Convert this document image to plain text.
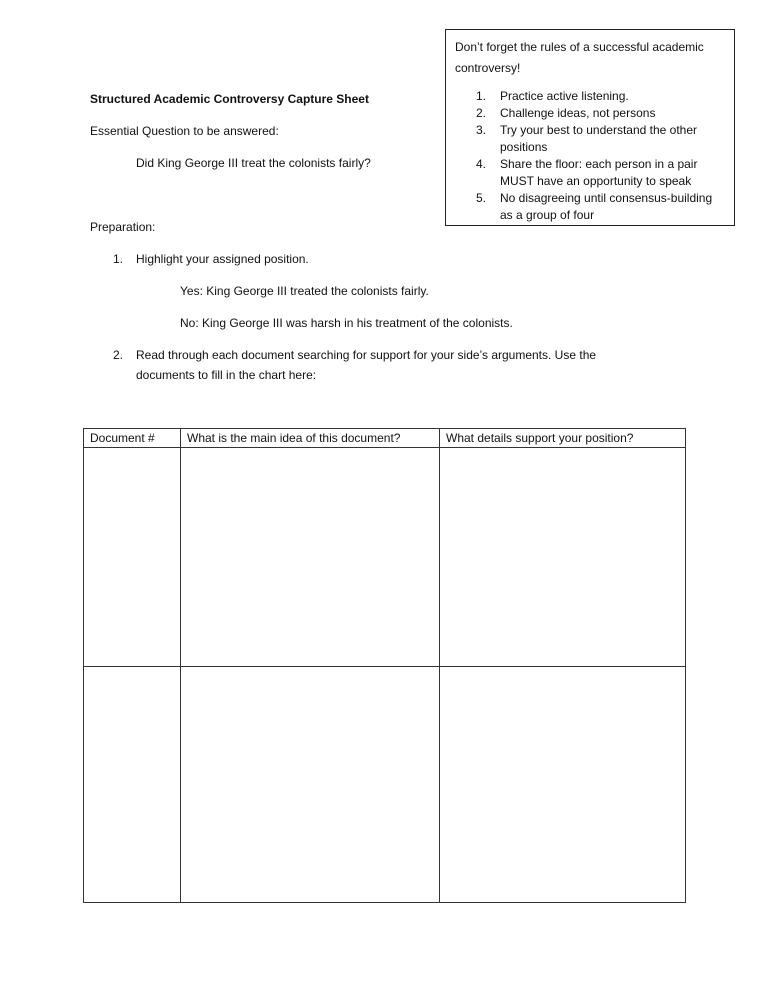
Don’t forget the rules of a successful academic controversy!
1.	Practice active listening.
2.	Challenge ideas, not persons
3.	Try your best to understand the other positions
4.	Share the floor: each person in a pair MUST have an opportunity to speak
5.	No disagreeing until consensus-building as a group of four
Structured Academic Controversy Capture Sheet
Essential Question to be answered:
Did King George III treat the colonists fairly?
Preparation:
1. Highlight your assigned position.
Yes: King George III treated the colonists fairly.
No: King George III was harsh in his treatment of the colonists.
2. Read through each document searching for support for your side’s arguments. Use the
documents to fill in the chart here:
Document #	What is the main idea of this document?	What details support your position?
